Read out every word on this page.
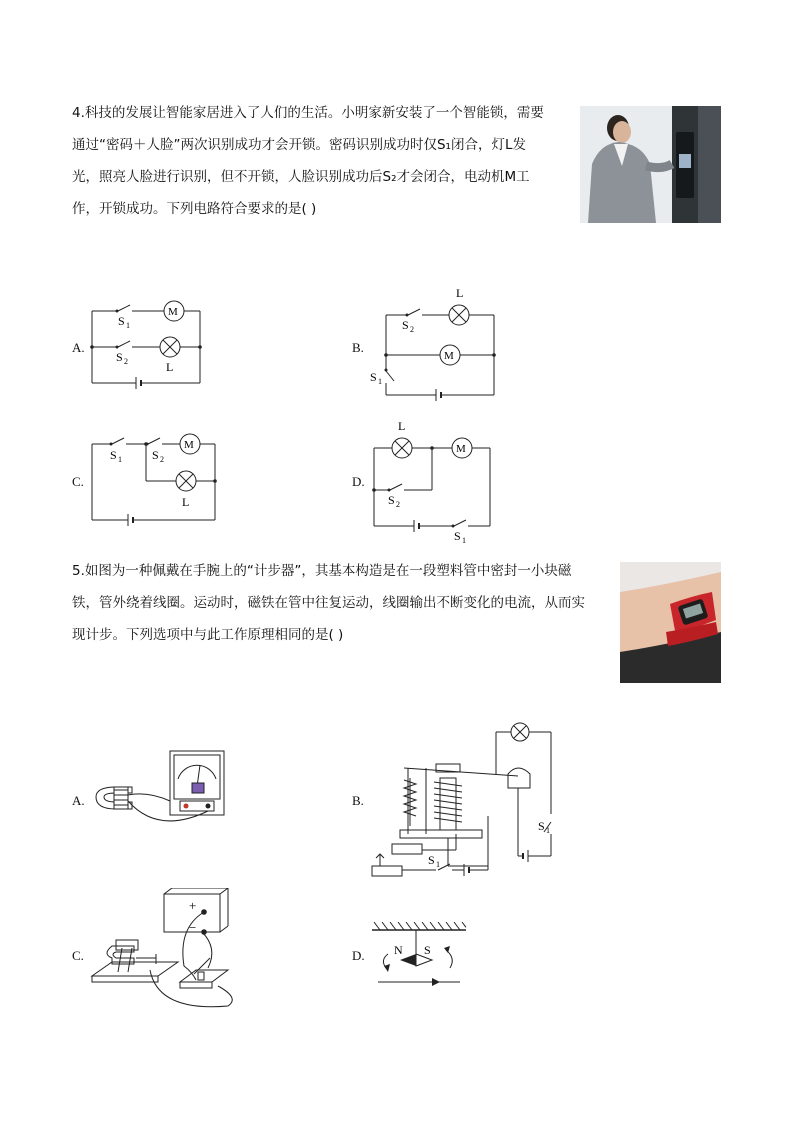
4.科技的发展让智能家居进入了人们的生活。小明家新安装了一个智能锁，需要
通过“密码＋人脸”两次识别成功才会开锁。密码识别成功时仅S₁闭合，灯L发
光，照亮人脸进行识别，但不开锁，人脸识别成功后S₂才会闭合，电动机M工
作，开锁成功。下列电路符合要求的是( )
A.
M
S 1
S 2	L
B.
L
S 2
M
S 1
C.
M
S 1	S 2
L
D.
L
M
S 2
S 1
5.如图为一种佩戴在手腕上的“计步器”，其基本构造是在一段塑料管中密封一小块磁
铁，管外绕着线圈。运动时，磁铁在管中往复运动，线圈输出不断变化的电流，从而实
现计步。下列选项中与此工作原理相同的是( )
A.	B.
S 1
S 1
C.
+
−
D. N S
